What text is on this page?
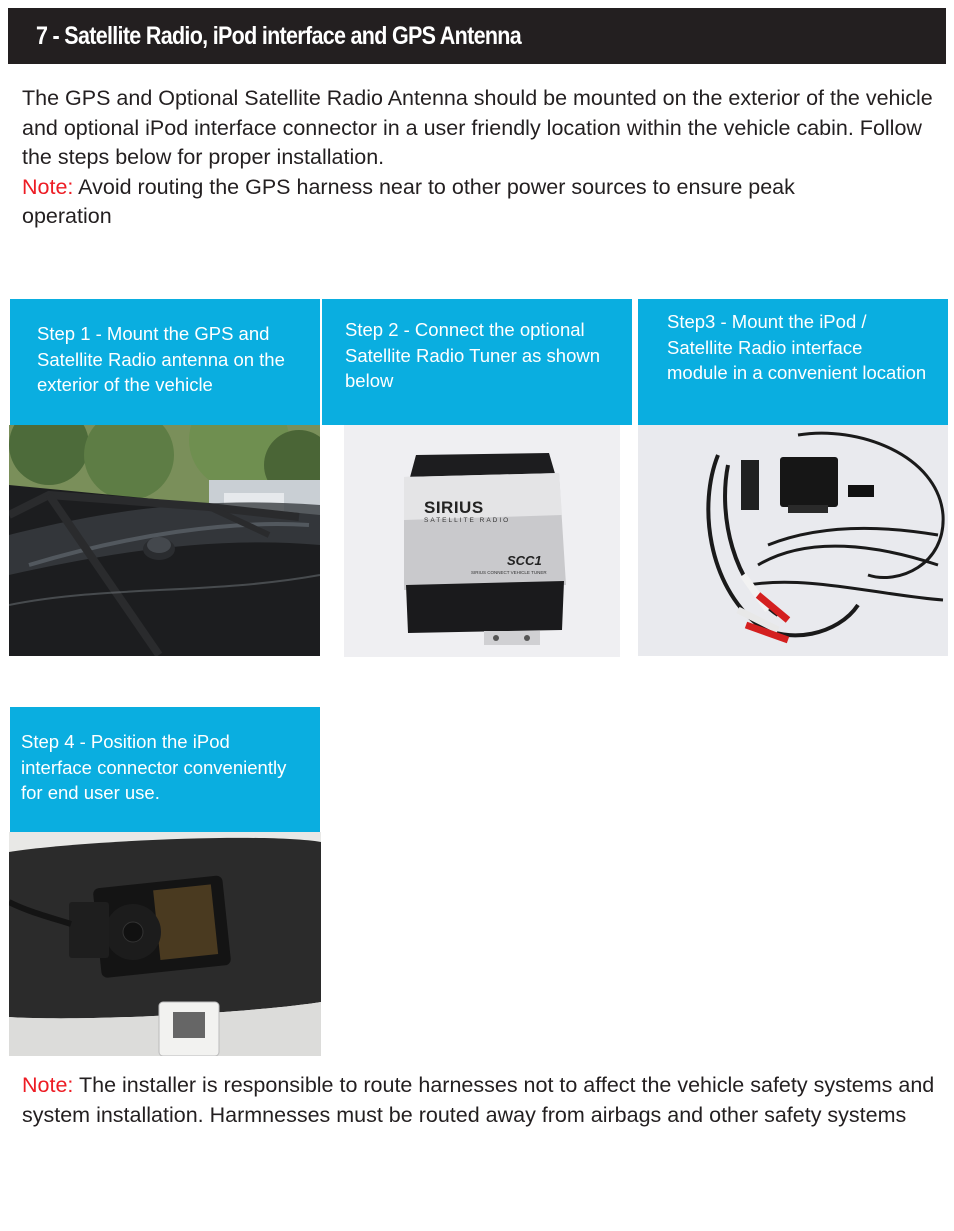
7 - Satellite Radio, iPod interface and GPS Antenna

The GPS and Optional Satellite Radio Antenna should be mounted on the exterior of the vehicle and optional iPod interface connector in a user friendly location within the vehicle cabin. Follow the steps below for proper installation.

Note: Avoid routing the GPS harness near to other power sources to ensure peak operation

Step 1 - Mount the GPS and Satellite Radio antenna on the exterior of the vehicle
Step 2 - Connect the optional Satellite Radio Tuner as shown below
SIRIUS
SATELLITE RADIO
SCC1
SIRIUS CONNECT VEHICLE TUNER
Step3 - Mount the iPod / Satellite Radio interface module in a convenient location
Step 4 - Position the iPod interface connector conveniently for end user use.

Note: The installer is responsible to route harnesses not to affect the vehicle safety systems and system installation. Harmnesses must be routed away from airbags and other safety systems
